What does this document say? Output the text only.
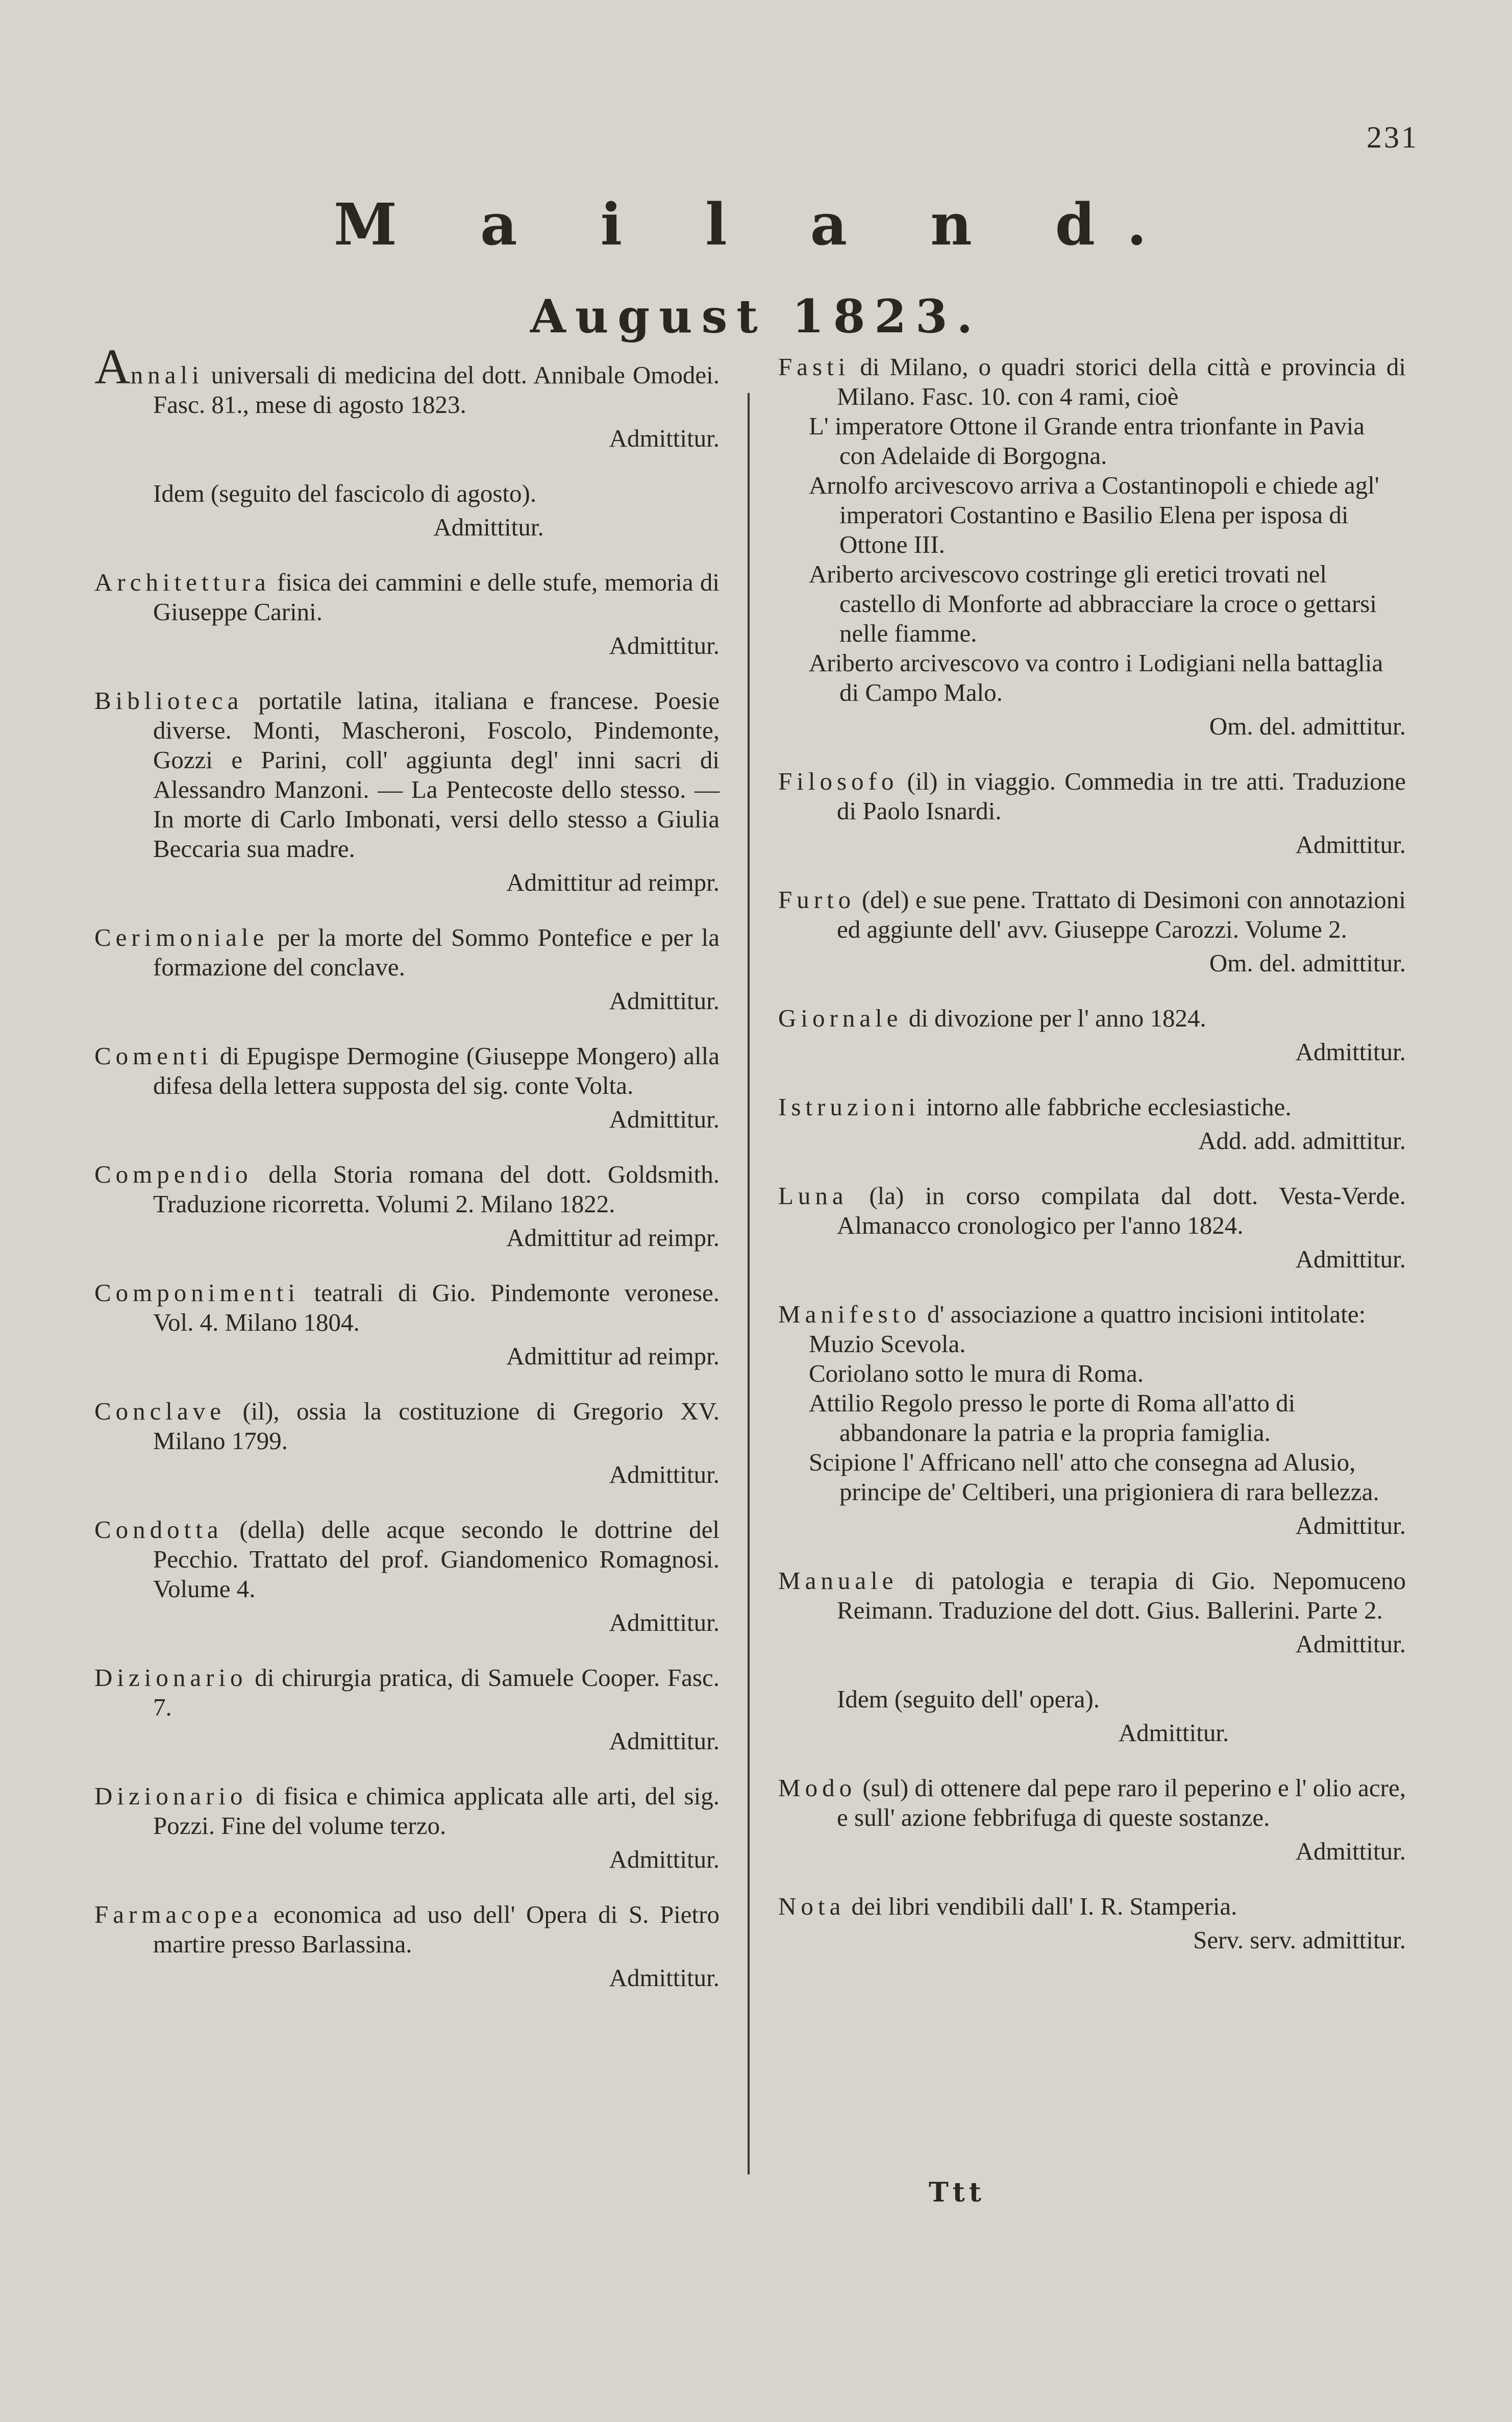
231
M a i l a n d.
August 1823.
Annali universali di medicina del dott. Annibale Omodei. Fasc. 81., mese di agosto 1823.
Admittitur.
Idem (seguito del fascicolo di agosto).
Admittitur.
Architettura fisica dei cammini e delle stufe, memoria di Giuseppe Carini.
Admittitur.
Biblioteca portatile latina, italiana e francese. Poesie diverse. Monti, Mascheroni, Foscolo, Pindemonte, Gozzi e Parini, coll' aggiunta degl' inni sacri di Alessandro Manzoni. — La Pentecoste dello stesso. — In morte di Carlo Imbonati, versi dello stesso a Giulia Beccaria sua madre.
Admittitur ad reimpr.
Cerimoniale per la morte del Sommo Pontefice e per la formazione del conclave.
Admittitur.
Comenti di Epugispe Dermogine (Giuseppe Mongero) alla difesa della lettera supposta del sig. conte Volta.
Admittitur.
Compendio della Storia romana del dott. Goldsmith. Traduzione ricorretta. Volumi 2. Milano 1822.
Admittitur ad reimpr.
Componimenti teatrali di Gio. Pindemonte veronese. Vol. 4. Milano 1804.
Admittitur ad reimpr.
Conclave (il), ossia la costituzione di Gregorio XV. Milano 1799.
Admittitur.
Condotta (della) delle acque secondo le dottrine del Pecchio. Trattato del prof. Giandomenico Romagnosi. Volume 4.
Admittitur.
Dizionario di chirurgia pratica, di Samuele Cooper. Fasc. 7.
Admittitur.
Dizionario di fisica e chimica applicata alle arti, del sig. Pozzi. Fine del volume terzo.
Admittitur.
Farmacopea economica ad uso dell' Opera di S. Pietro martire presso Barlassina.
Admittitur.
Fasti di Milano, o quadri storici della città e provincia di Milano. Fasc. 10. con 4 rami, cioè
L' imperatore Ottone il Grande entra trionfante in Pavia con Adelaide di Borgogna.
Arnolfo arcivescovo arriva a Costantinopoli e chiede agl' imperatori Costantino e Basilio Elena per isposa di Ottone III.
Ariberto arcivescovo costringe gli eretici trovati nel castello di Monforte ad abbracciare la croce o gettarsi nelle fiamme.
Ariberto arcivescovo va contro i Lodigiani nella battaglia di Campo Malo.
Om. del. admittitur.
Filosofo (il) in viaggio. Commedia in tre atti. Traduzione di Paolo Isnardi.
Admittitur.
Furto (del) e sue pene. Trattato di Desimoni con annotazioni ed aggiunte dell' avv. Giuseppe Carozzi. Volume 2.
Om. del. admittitur.
Giornale di divozione per l' anno 1824.
Admittitur.
Istruzioni intorno alle fabbriche ecclesiastiche.
Add. add. admittitur.
Luna (la) in corso compilata dal dott. Vesta-Verde. Almanacco cronologico per l'anno 1824.
Admittitur.
Manifesto d' associazione a quattro incisioni intitolate:
Muzio Scevola.
Coriolano sotto le mura di Roma.
Attilio Regolo presso le porte di Roma all'atto di abbandonare la patria e la propria famiglia.
Scipione l' Affricano nell' atto che consegna ad Alusio, principe de' Celtiberi, una prigioniera di rara bellezza.
Admittitur.
Manuale di patologia e terapia di Gio. Nepomuceno Reimann. Traduzione del dott. Gius. Ballerini. Parte 2.
Admittitur.
Idem (seguito dell' opera).
Admittitur.
Modo (sul) di ottenere dal pepe raro il peperino e l' olio acre, e sull' azione febbrifuga di queste sostanze.
Admittitur.
Nota dei libri vendibili dall' I. R. Stamperia.
Serv. serv. admittitur.
Ttt
